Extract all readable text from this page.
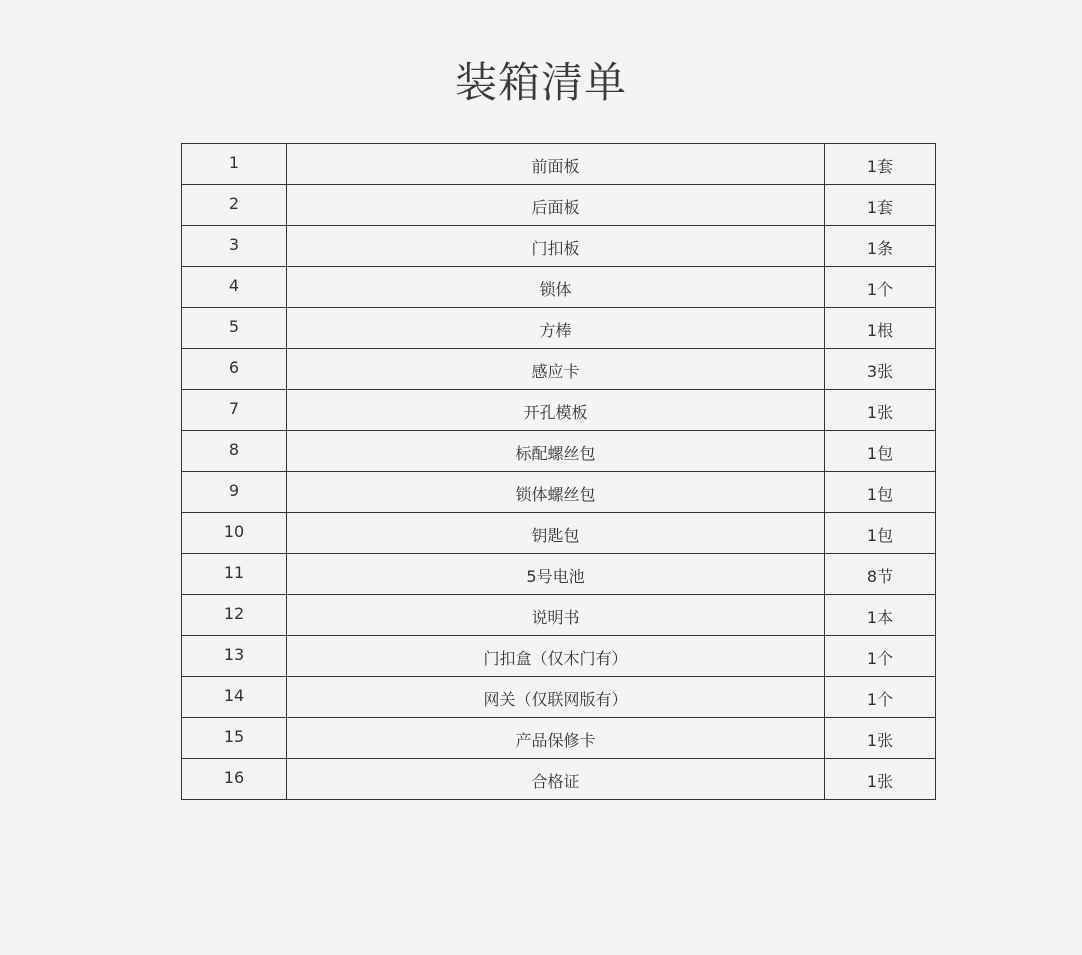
装箱清单
1	前面板	1套
2	后面板	1套
3	门扣板	1条
4	锁体	1个
5	方棒	1根
6	感应卡	3张
7	开孔模板	1张
8	标配螺丝包	1包
9	锁体螺丝包	1包
10	钥匙包	1包
11	5号电池	8节
12	说明书	1本
13	门扣盒（仅木门有）	1个
14	网关（仅联网版有）	1个
15	产品保修卡	1张
16	合格证	1张
